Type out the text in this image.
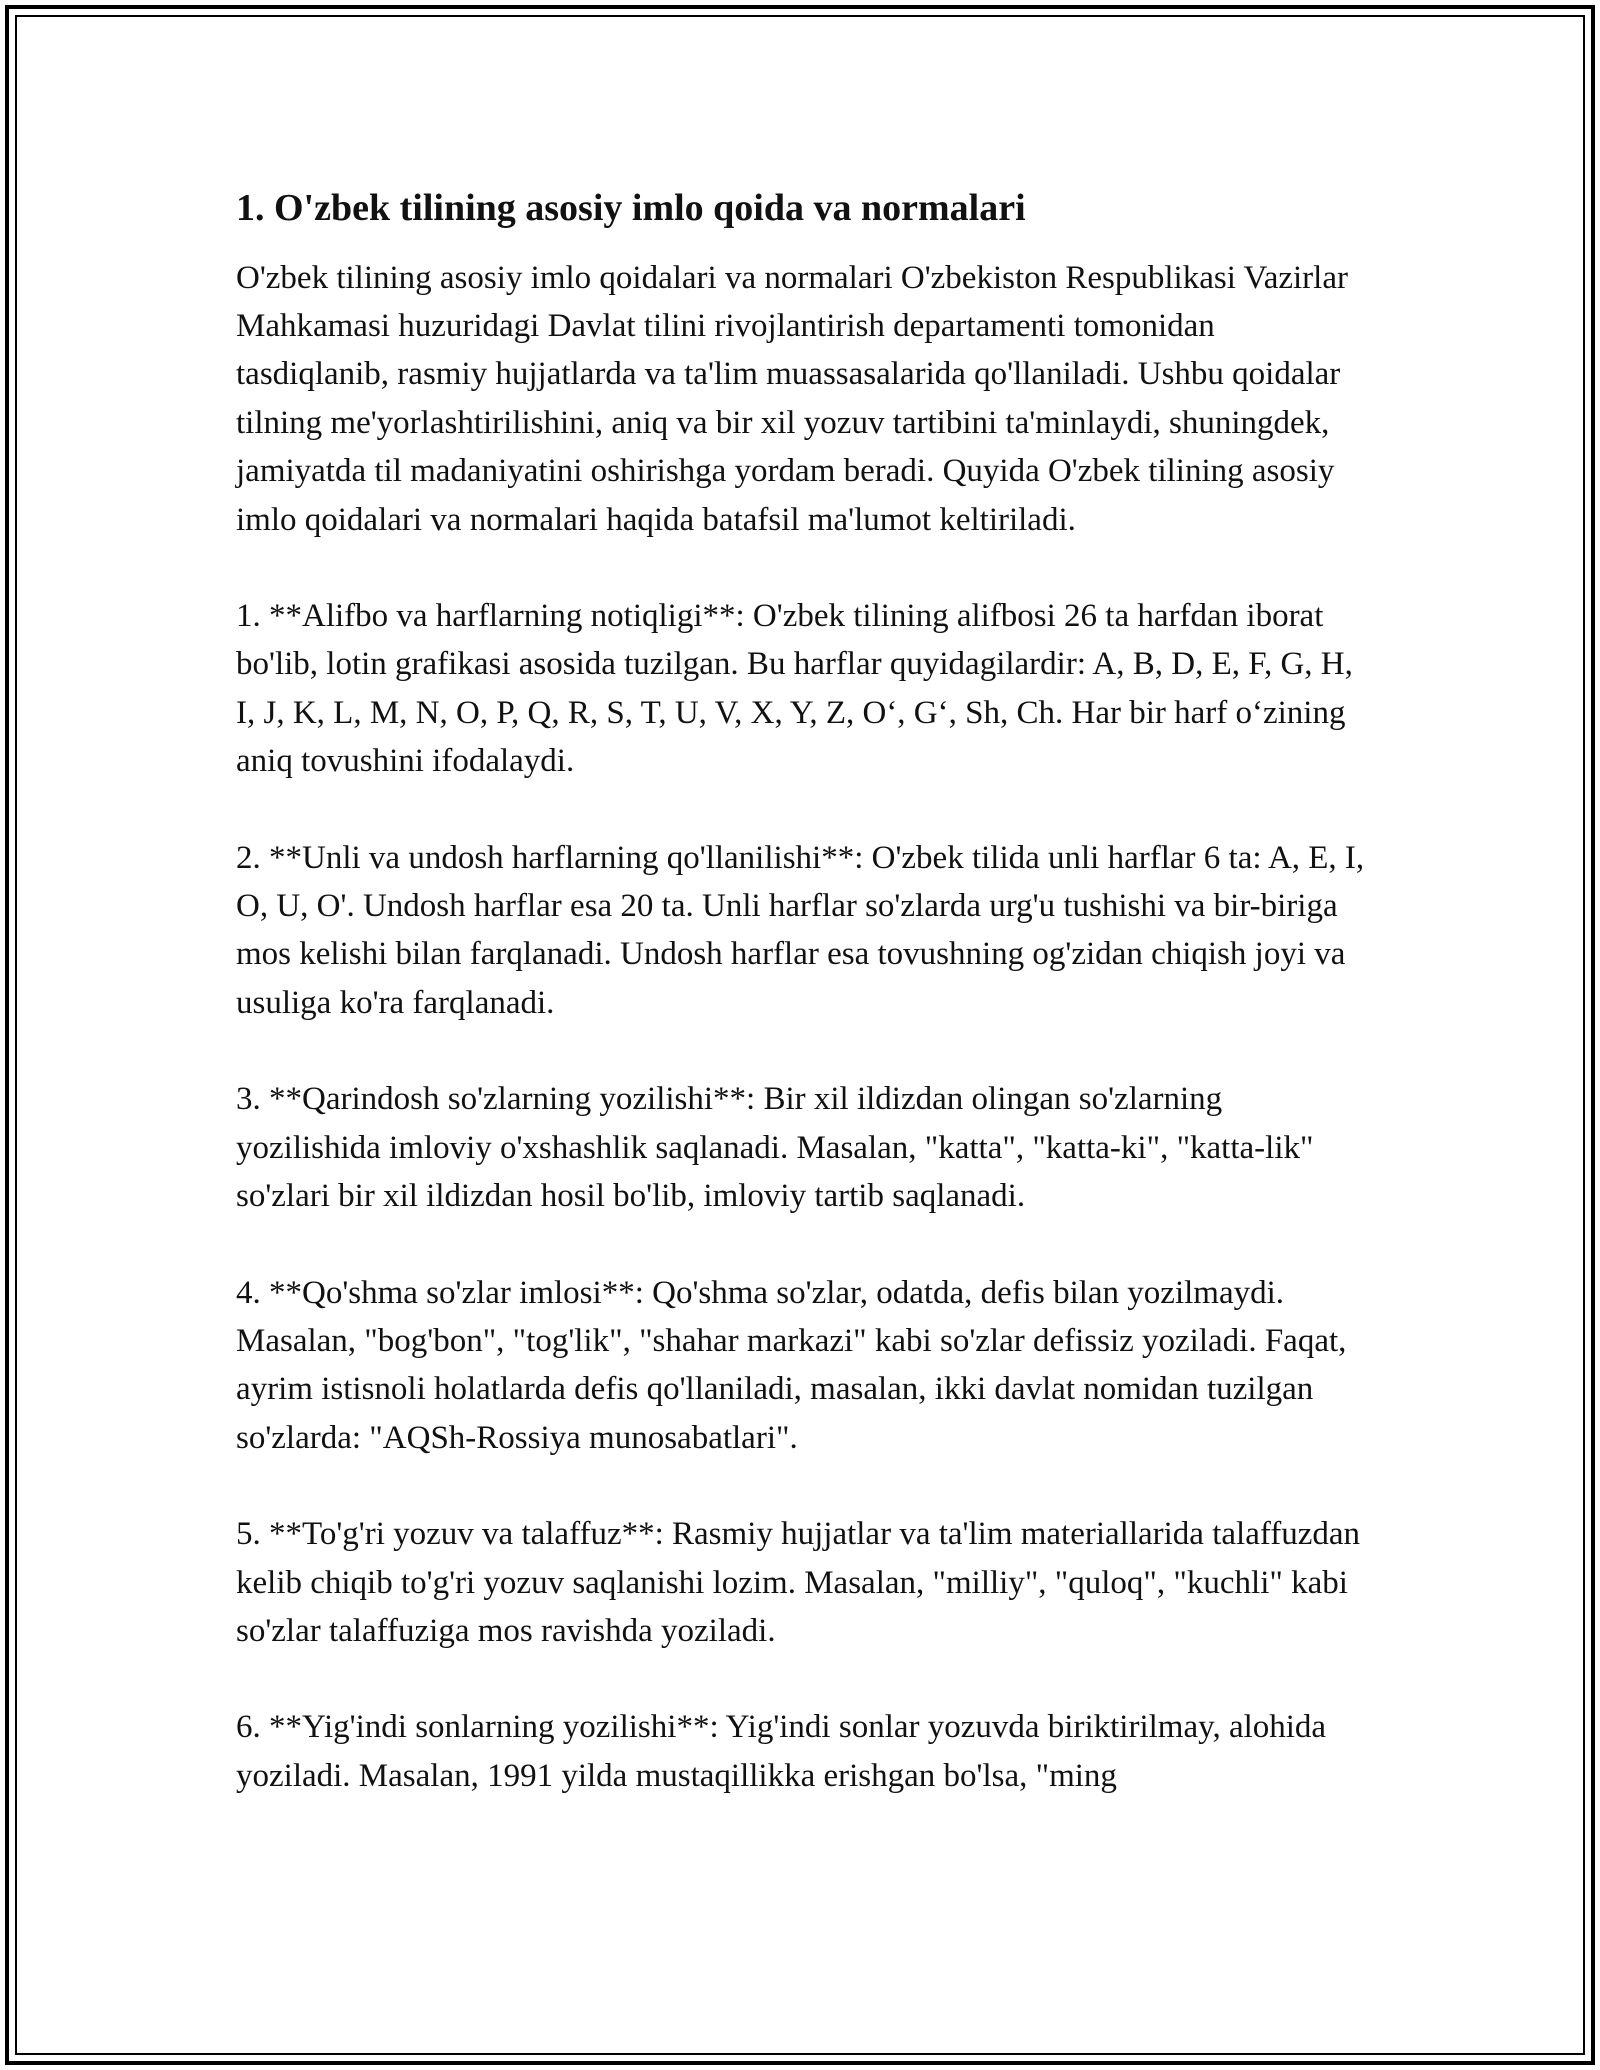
1. O'zbek tilining asosiy imlo qoida va normalari

O'zbek tilining asosiy imlo qoidalari va normalari O'zbekiston Respublikasi Vazirlar Mahkamasi huzuridagi Davlat tilini rivojlantirish departamenti tomonidan tasdiqlanib, rasmiy hujjatlarda va ta'lim muassasalarida qo'llaniladi. Ushbu qoidalar tilning me'yorlashtirilishini, aniq va bir xil yozuv tartibini ta'minlaydi, shuningdek, jamiyatda til madaniyatini oshirishga yordam beradi. Quyida O'zbek tilining asosiy imlo qoidalari va normalari haqida batafsil ma'lumot keltiriladi.

1. **Alifbo va harflarning notiqligi**: O'zbek tilining alifbosi 26 ta harfdan iborat bo'lib, lotin grafikasi asosida tuzilgan. Bu harflar quyidagilardir: A, B, D, E, F, G, H, I, J, K, L, M, N, O, P, Q, R, S, T, U, V, X, Y, Z, O‘, G‘, Sh, Ch. Har bir harf o‘zining aniq tovushini ifodalaydi.

2. **Unli va undosh harflarning qo'llanilishi**: O'zbek tilida unli harflar 6 ta: A, E, I, O, U, O'. Undosh harflar esa 20 ta. Unli harflar so'zlarda urg'u tushishi va bir-biriga mos kelishi bilan farqlanadi. Undosh harflar esa tovushning og'zidan chiqish joyi va usuliga ko'ra farqlanadi.

3. **Qarindosh so'zlarning yozilishi**: Bir xil ildizdan olingan so'zlarning yozilishida imloviy o'xshashlik saqlanadi. Masalan, "katta", "katta-ki", "katta-lik" so'zlari bir xil ildizdan hosil bo'lib, imloviy tartib saqlanadi.

4. **Qo'shma so'zlar imlosi**: Qo'shma so'zlar, odatda, defis bilan yozilmaydi. Masalan, "bog'bon", "tog'lik", "shahar markazi" kabi so'zlar defissiz yoziladi. Faqat, ayrim istisnoli holatlarda defis qo'llaniladi, masalan, ikki davlat nomidan tuzilgan so'zlarda: "AQSh-Rossiya munosabatlari".

5. **To'g'ri yozuv va talaffuz**: Rasmiy hujjatlar va ta'lim materiallarida talaffuzdan kelib chiqib to'g'ri yozuv saqlanishi lozim. Masalan, "milliy", "quloq", "kuchli" kabi so'zlar talaffuziga mos ravishda yoziladi.

6. **Yig'indi sonlarning yozilishi**: Yig'indi sonlar yozuvda biriktirilmay, alohida yoziladi. Masalan, 1991 yilda mustaqillikka erishgan bo'lsa, "ming
